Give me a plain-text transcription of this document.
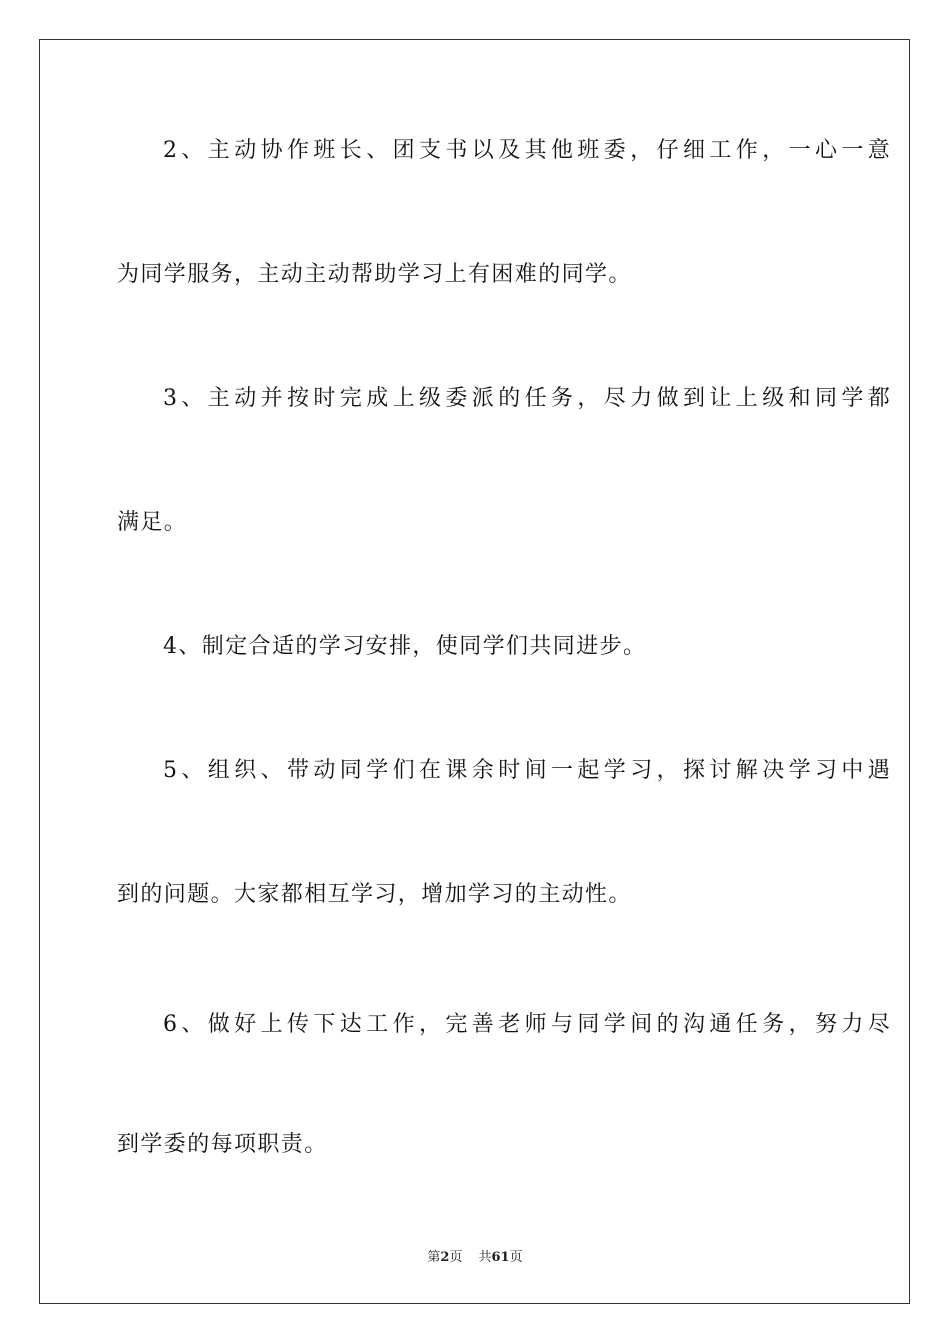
2、主动协作班长、团支书以及其他班委，仔细工作，一心一意
为同学服务，主动主动帮助学习上有困难的同学。
3、主动并按时完成上级委派的任务，尽力做到让上级和同学都
满足。
4、制定合适的学习安排，使同学们共同进步。
5、组织、带动同学们在课余时间一起学习，探讨解决学习中遇
到的问题。大家都相互学习，增加学习的主动性。
6、做好上传下达工作，完善老师与同学间的沟通任务，努力尽
到学委的每项职责。
第2页 共61页
